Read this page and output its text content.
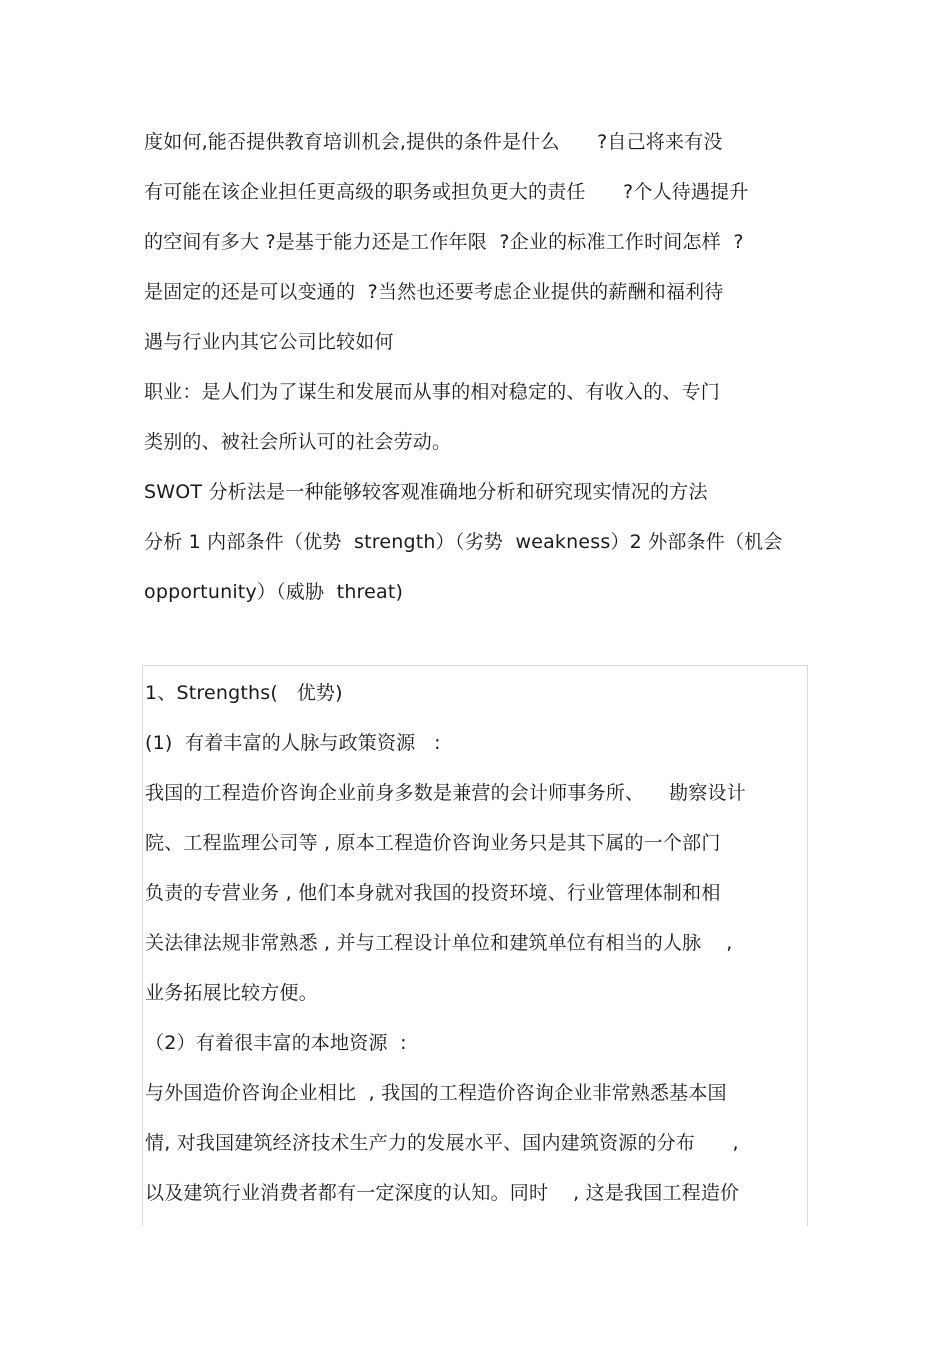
度如何,能否提供教育培训机会,提供的条件是什么      ?自己将来有没
有可能在该企业担任更高级的职务或担负更大的责任      ?个人待遇提升
的空间有多大 ?是基于能力还是工作年限  ?企业的标准工作时间怎样  ?
是固定的还是可以变通的  ?当然也还要考虑企业提供的薪酬和福利待
遇与行业内其它公司比较如何
职业：是人们为了谋生和发展而从事的相对稳定的、有收入的、专门
类别的、被社会所认可的社会劳动。
SWOT 分析法是一种能够较客观准确地分析和研究现实情况的方法
分析 1 内部条件（优势  strength）（劣势  weakness）2 外部条件（机会
opportunity）（威胁  threat)
1、Strengths(   优势)
(1)  有着丰富的人脉与政策资源   :
我国的工程造价咨询企业前身多数是兼营的会计师事务所、    勘察设计
院、工程监理公司等 , 原本工程造价咨询业务只是其下属的一个部门
负责的专营业务 , 他们本身就对我国的投资环境、行业管理体制和相
关法律法规非常熟悉 , 并与工程设计单位和建筑单位有相当的人脉    ,
业务拓展比较方便。
（2）有着很丰富的本地资源  :
与外国造价咨询企业相比  , 我国的工程造价咨询企业非常熟悉基本国
情, 对我国建筑经济技术生产力的发展水平、国内建筑资源的分布      ,
以及建筑行业消费者都有一定深度的认知。同时    , 这是我国工程造价
